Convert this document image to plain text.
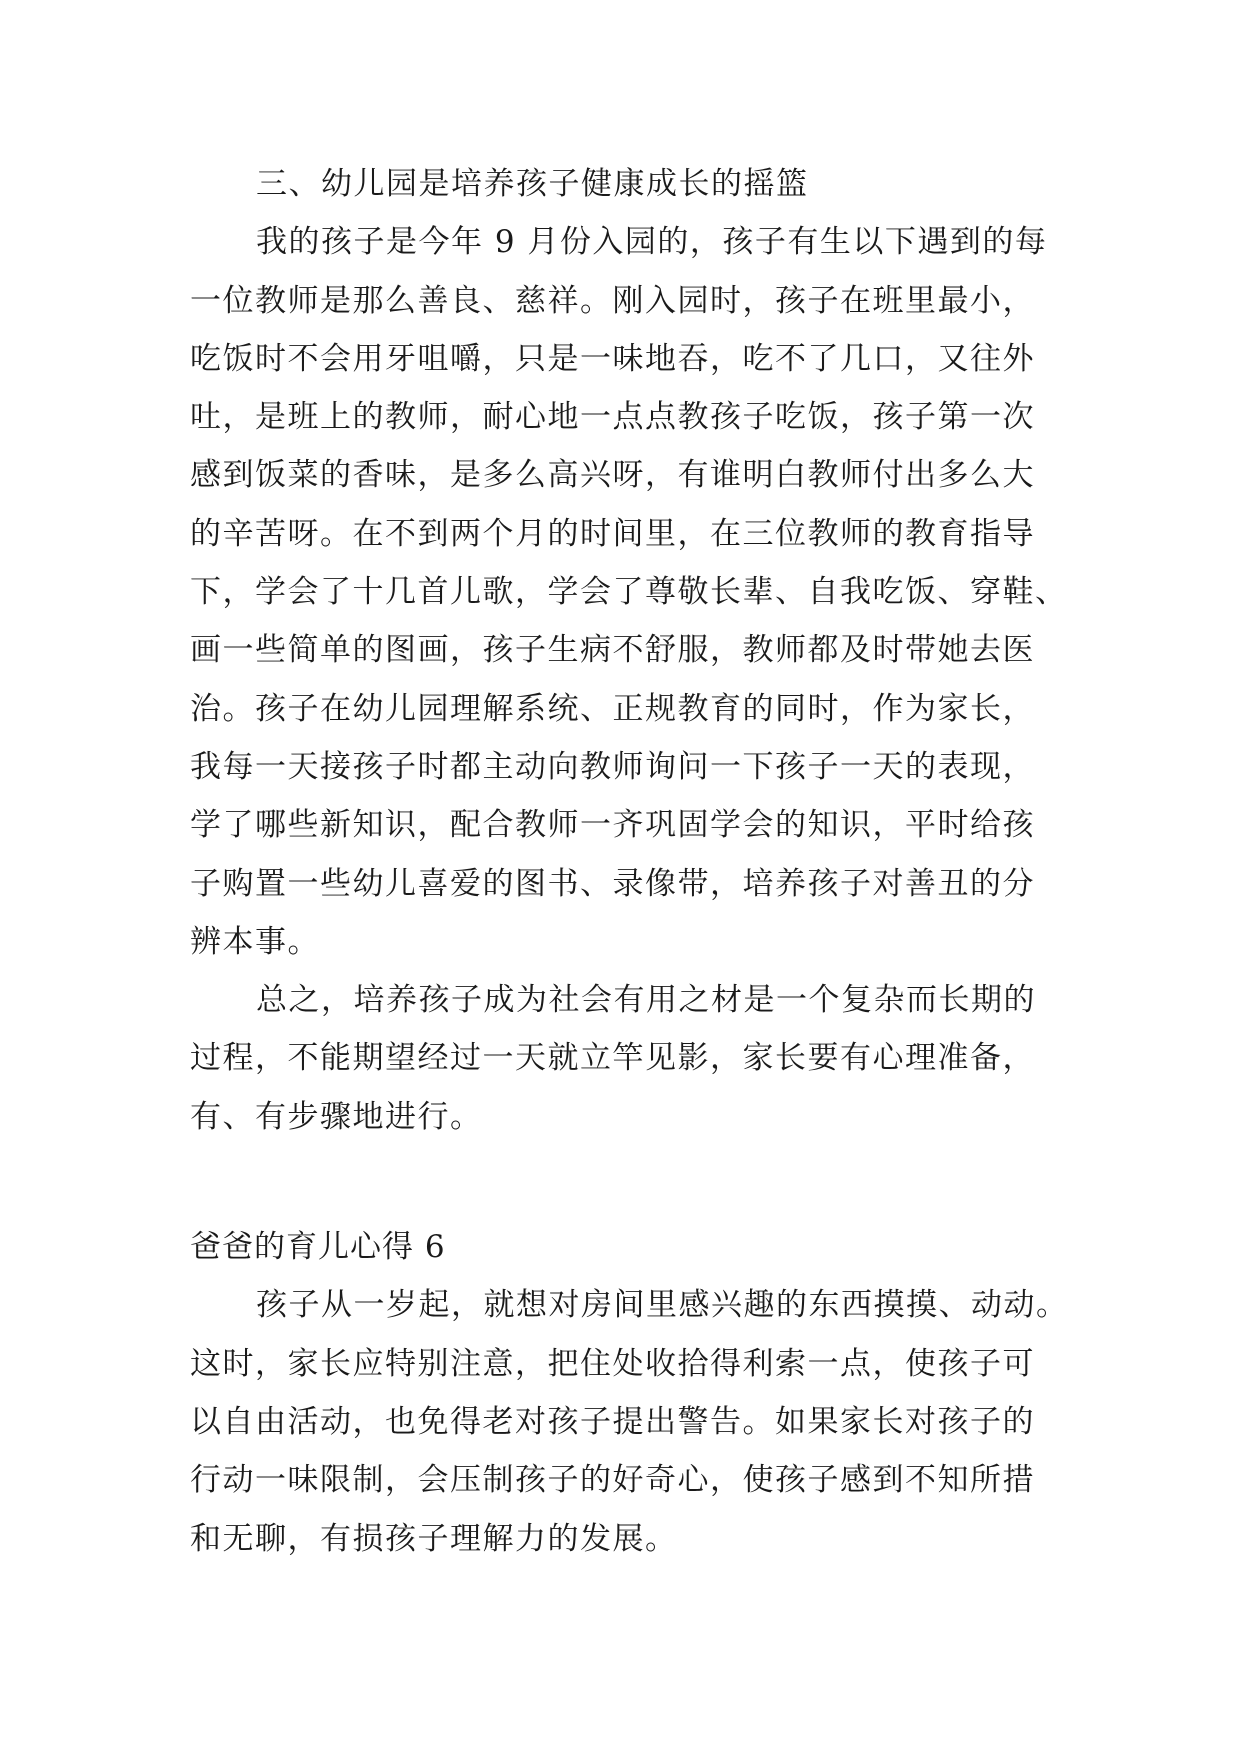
三、幼儿园是培养孩子健康成长的摇篮
我的孩子是今年 9 月份入园的，孩子有生以下遇到的每
一位教师是那么善良、慈祥。刚入园时，孩子在班里最小，
吃饭时不会用牙咀嚼，只是一味地吞，吃不了几口，又往外
吐，是班上的教师，耐心地一点点教孩子吃饭，孩子第一次
感到饭菜的香味，是多么高兴呀，有谁明白教师付出多么大
的辛苦呀。在不到两个月的时间里，在三位教师的教育指导
下，学会了十几首儿歌，学会了尊敬长辈、自我吃饭、穿鞋、
画一些简单的图画，孩子生病不舒服，教师都及时带她去医
治。孩子在幼儿园理解系统、正规教育的同时，作为家长，
我每一天接孩子时都主动向教师询问一下孩子一天的表现，
学了哪些新知识，配合教师一齐巩固学会的知识，平时给孩
子购置一些幼儿喜爱的图书、录像带，培养孩子对善丑的分
辨本事。
总之，培养孩子成为社会有用之材是一个复杂而长期的
过程，不能期望经过一天就立竿见影，家长要有心理准备，
有、有步骤地进行。
爸爸的育儿心得 6
孩子从一岁起，就想对房间里感兴趣的东西摸摸、动动。
这时，家长应特别注意，把住处收拾得利索一点，使孩子可
以自由活动，也免得老对孩子提出警告。如果家长对孩子的
行动一味限制，会压制孩子的好奇心，使孩子感到不知所措
和无聊，有损孩子理解力的发展。
